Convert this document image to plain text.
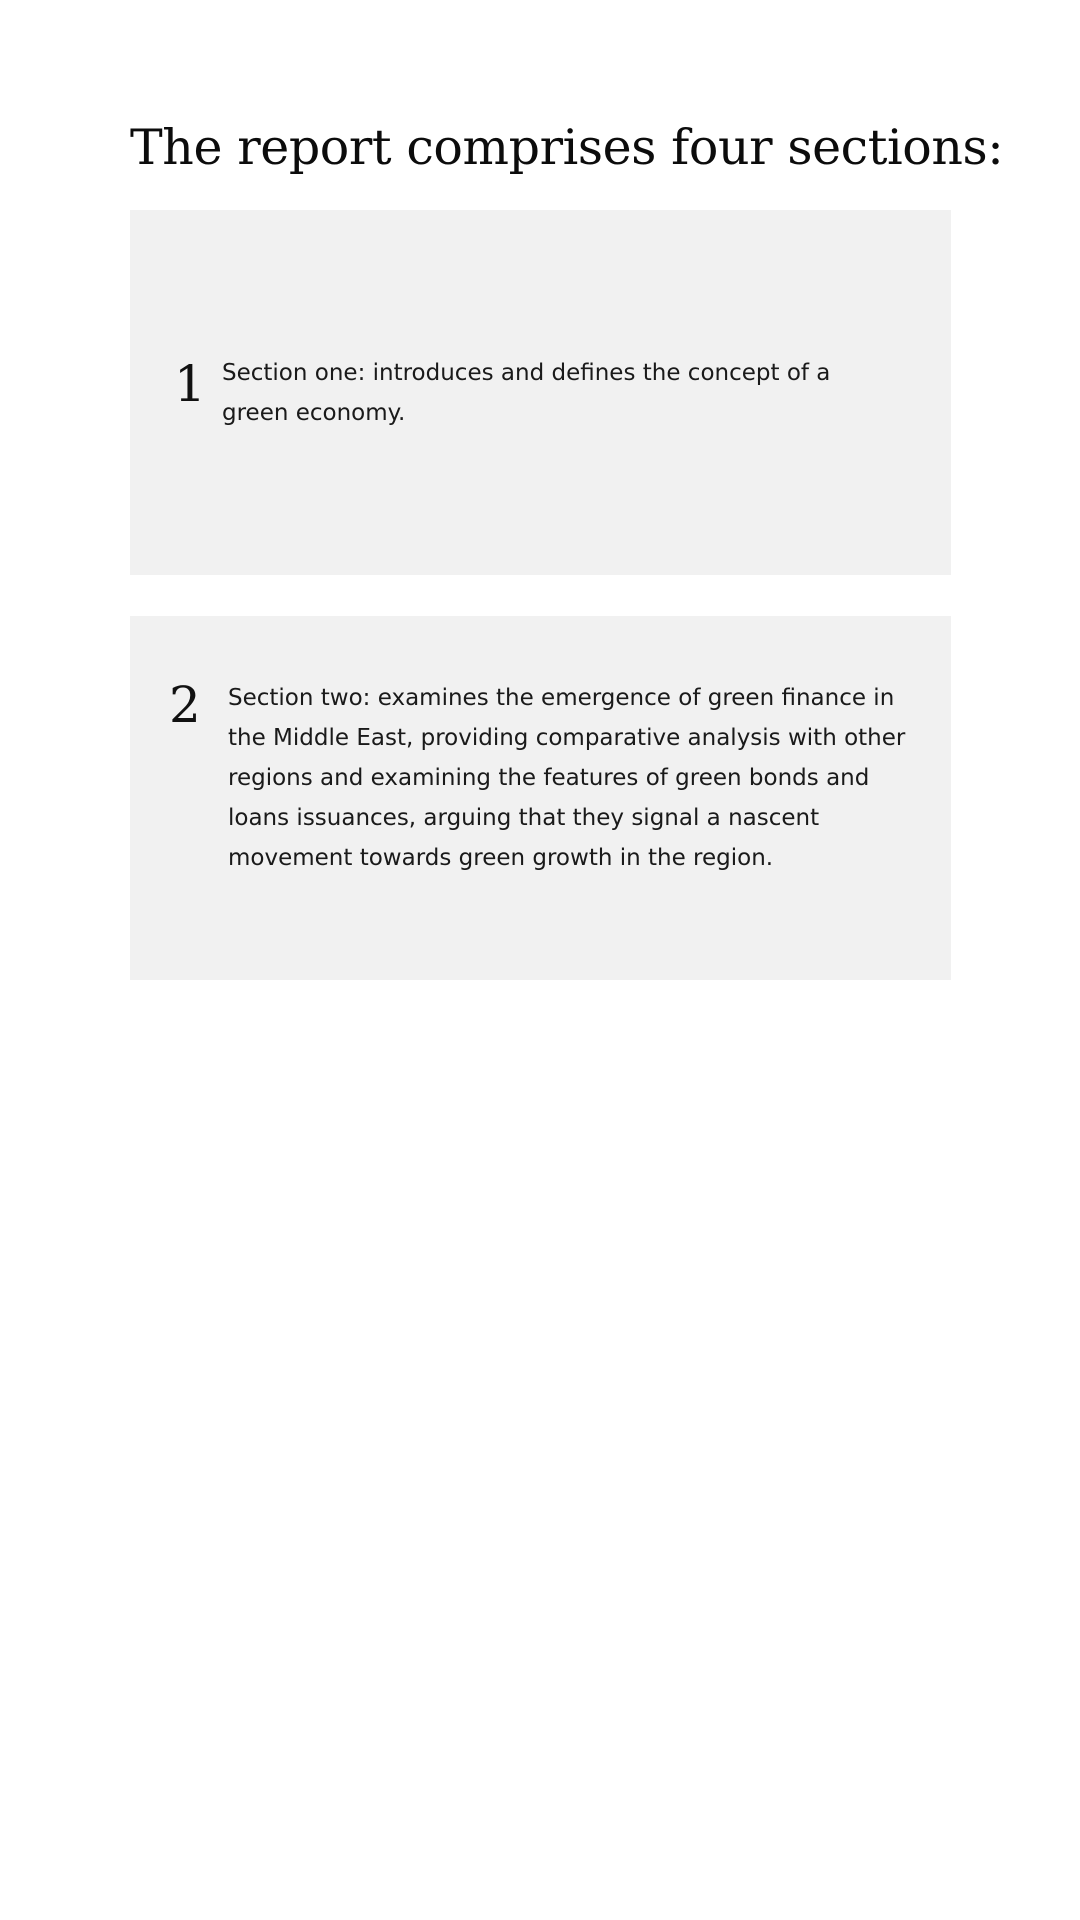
The report comprises four sections:
1 Section one: introduces and defines the concept of a green economy.

2 Section two: examines the emergence of green finance in the Middle East, providing comparative analysis with other regions and examining the features of green bonds and loans issuances, arguing that they signal a nascent movement towards green growth in the region.
